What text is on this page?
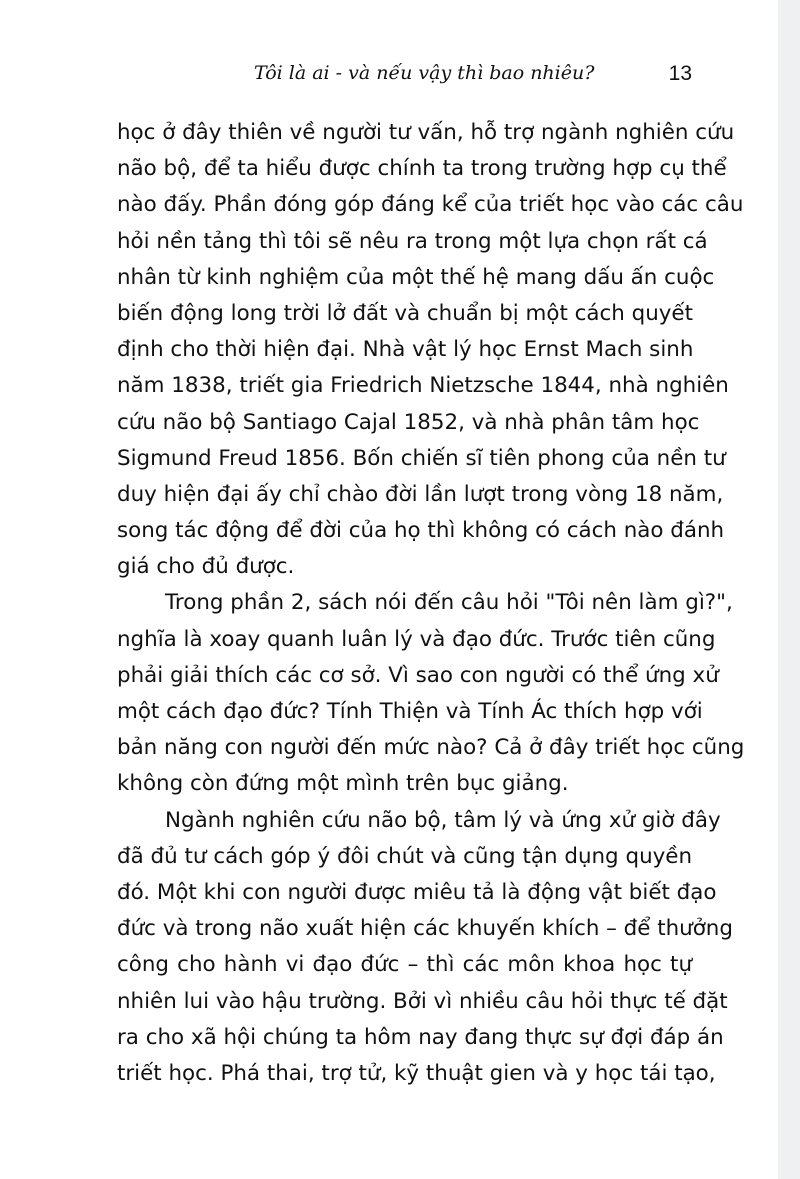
Tôi là ai - và nếu vậy thì bao nhiêu?	13

học ở đây thiên về người tư vấn, hỗ trợ ngành nghiên cứu
não bộ, để ta hiểu được chính ta trong trường hợp cụ thể
nào đấy. Phần đóng góp đáng kể của triết học vào các câu
hỏi nền tảng thì tôi sẽ nêu ra trong một lựa chọn rất cá
nhân từ kinh nghiệm của một thế hệ mang dấu ấn cuộc
biến động long trời lở đất và chuẩn bị một cách quyết
định cho thời hiện đại. Nhà vật lý học Ernst Mach sinh
năm 1838, triết gia Friedrich Nietzsche 1844, nhà nghiên
cứu não bộ Santiago Cajal 1852, và nhà phân tâm học
Sigmund Freud 1856. Bốn chiến sĩ tiên phong của nền tư
duy hiện đại ấy chỉ chào đời lần lượt trong vòng 18 năm,
song tác động để đời của họ thì không có cách nào đánh
giá cho đủ được.

Trong phần 2, sách nói đến câu hỏi "Tôi nên làm gì?",
nghĩa là xoay quanh luân lý và đạo đức. Trước tiên cũng
phải giải thích các cơ sở. Vì sao con người có thể ứng xử
một cách đạo đức? Tính Thiện và Tính Ác thích hợp với
bản năng con người đến mức nào? Cả ở đây triết học cũng
không còn đứng một mình trên bục giảng.

Ngành nghiên cứu não bộ, tâm lý và ứng xử giờ đây
đã đủ tư cách góp ý đôi chút và cũng tận dụng quyền
đó. Một khi con người được miêu tả là động vật biết đạo
đức và trong não xuất hiện các khuyến khích – để thưởng
công cho hành vi đạo đức – thì các môn khoa học tự
nhiên lui vào hậu trường. Bởi vì nhiều câu hỏi thực tế đặt
ra cho xã hội chúng ta hôm nay đang thực sự đợi đáp án
triết học. Phá thai, trợ tử, kỹ thuật gien và y học tái tạo,
